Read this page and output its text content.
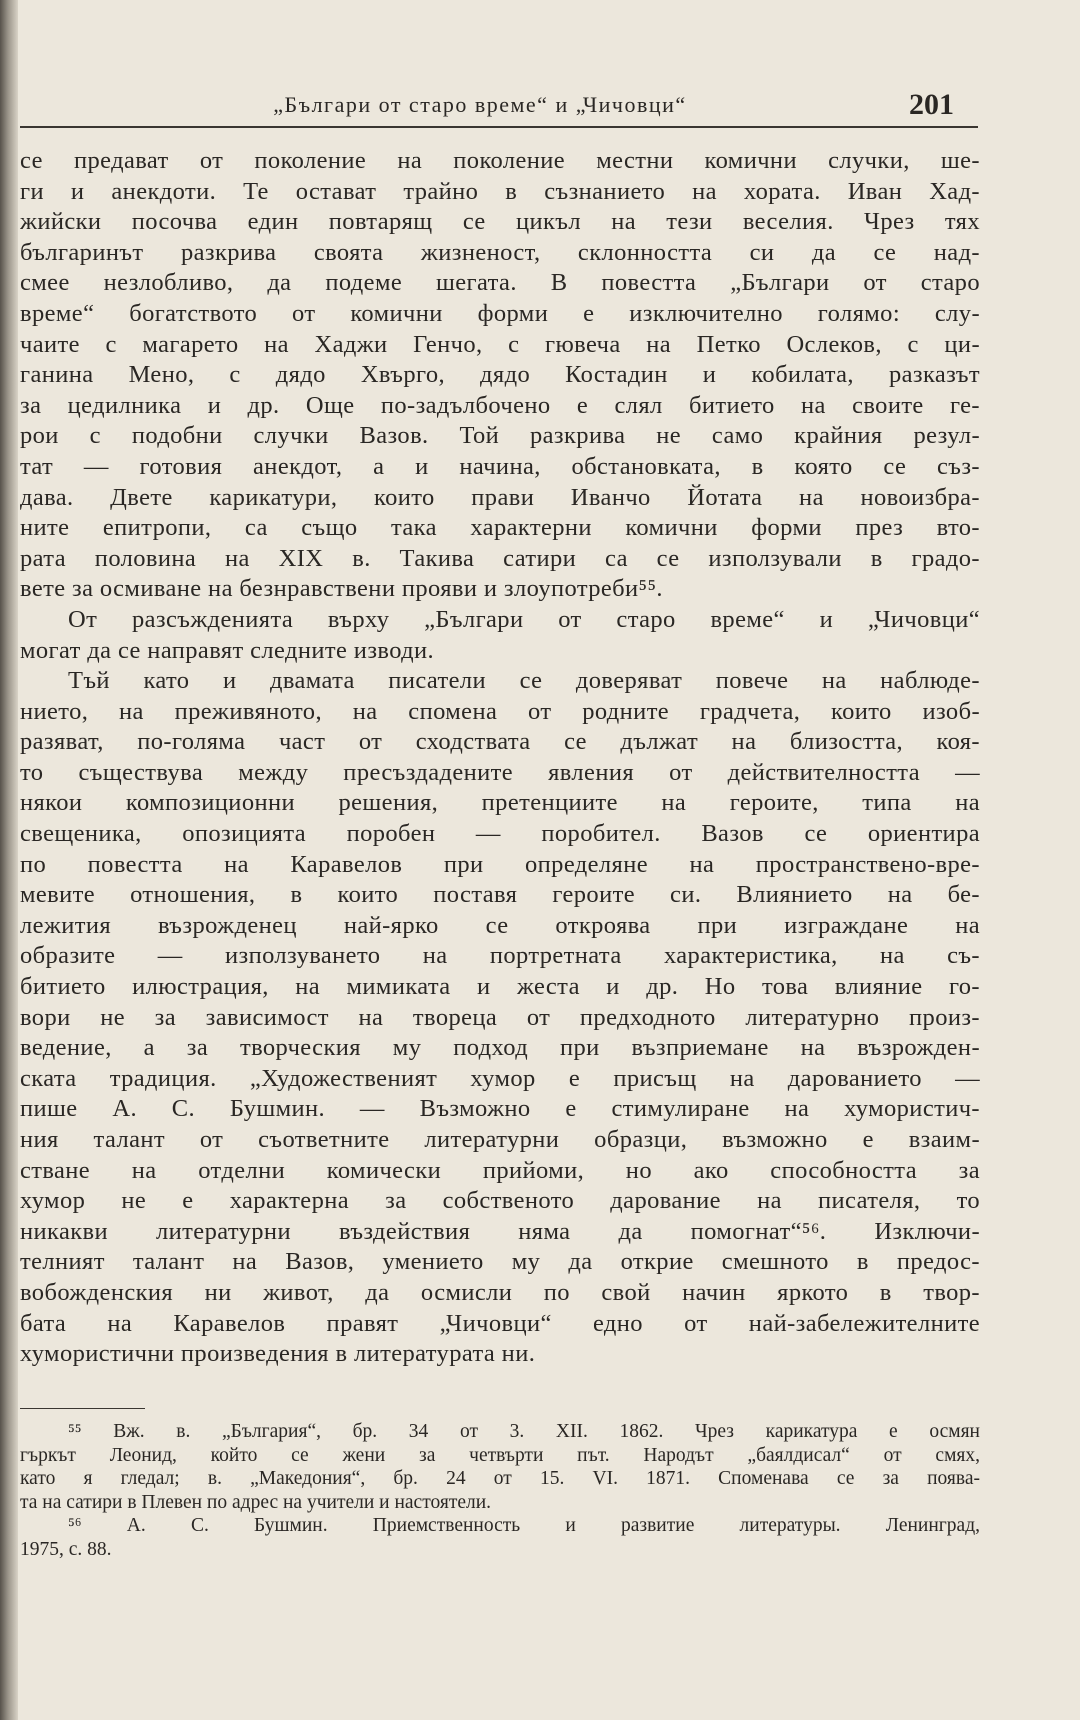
„Българи от старо време“ и „Чичовци“	201
се предават от поколение на поколение местни комични случки, ше-
ги и анекдоти. Те остават трайно в съзнанието на хората. Иван Хад-
жийски посочва един повтарящ се цикъл на тези веселия. Чрез тях
българинът разкрива своята жизненост, склонността си да се над-
смее незлобливо, да подеме шегата. В повестта „Българи от старо
време“ богатството от комични форми е изключително голямо: слу-
чаите с магарето на Хаджи Генчо, с гювеча на Петко Ослеков, с ци-
ганина Мено, с дядо Хвърго, дядо Костадин и кобилата, разказът
за цедилника и др. Още по-задълбочено е слял битието на своите ге-
рои с подобни случки Вазов. Той разкрива не само крайния резул-
тат — готовия анекдот, а и начина, обстановката, в която се съз-
дава. Двете карикатури, които прави Иванчо Йотата на новоизбра-
ните епитропи, са също така характерни комични форми през вто-
рата половина на XIX в. Такива сатири са се използували в градо-
вете за осмиване на безнравствени прояви и злоупотреби⁵⁵.
От разсъжденията върху „Българи от старо време“ и „Чичовци“
могат да се направят следните изводи.
Тъй като и двамата писатели се доверяват повече на наблюде-
нието, на преживяното, на спомена от родните градчета, които изоб-
разяват, по-голяма част от сходствата се дължат на близостта, коя-
то съществува между пресъздадените явления от действителността —
някои композиционни решения, претенциите на героите, типа на
свещеника, опозицията поробен — поробител. Вазов се ориентира
по повестта на Каравелов при определяне на пространствено-вре-
мевите отношения, в които поставя героите си. Влиянието на бе-
лежития възрожденец най-ярко се откроява при изграждане на
образите — използуването на портретната характеристика, на съ-
битието илюстрация, на мимиката и жеста и др. Но това влияние го-
вори не за зависимост на твореца от предходното литературно произ-
ведение, а за творческия му подход при възприемане на възрожден-
ската традиция. „Художественият хумор е присъщ на дарованието —
пише А. С. Бушмин. — Възможно е стимулиране на хумористич-
ния талант от съответните литературни образци, възможно е взаим-
стване на отделни комически прийоми, но ако способността за
хумор не е характерна за собственото дарование на писателя, то
никакви литературни въздействия няма да помогнат“⁵⁶. Изключи-
телният талант на Вазов, умението му да открие смешното в предос-
вобожденския ни живот, да осмисли по свой начин яркото в твор-
бата на Каравелов правят „Чичовци“ едно от най-забележителните
хумористични произведения в литературата ни.
⁵⁵ Вж. в. „България“, бр. 34 от 3. XII. 1862. Чрез карикатура е осмян
гъркът Леонид, който се жени за четвърти път. Народът „баялдисал“ от смях,
като я гледал; в. „Македония“, бр. 24 от 15. VI. 1871. Споменава се за поява-
та на сатири в Плевен по адрес на учители и настоятели.
⁵⁶ А. С. Бушмин. Приемственность и развитие литературы. Ленинград,
1975, с. 88.
